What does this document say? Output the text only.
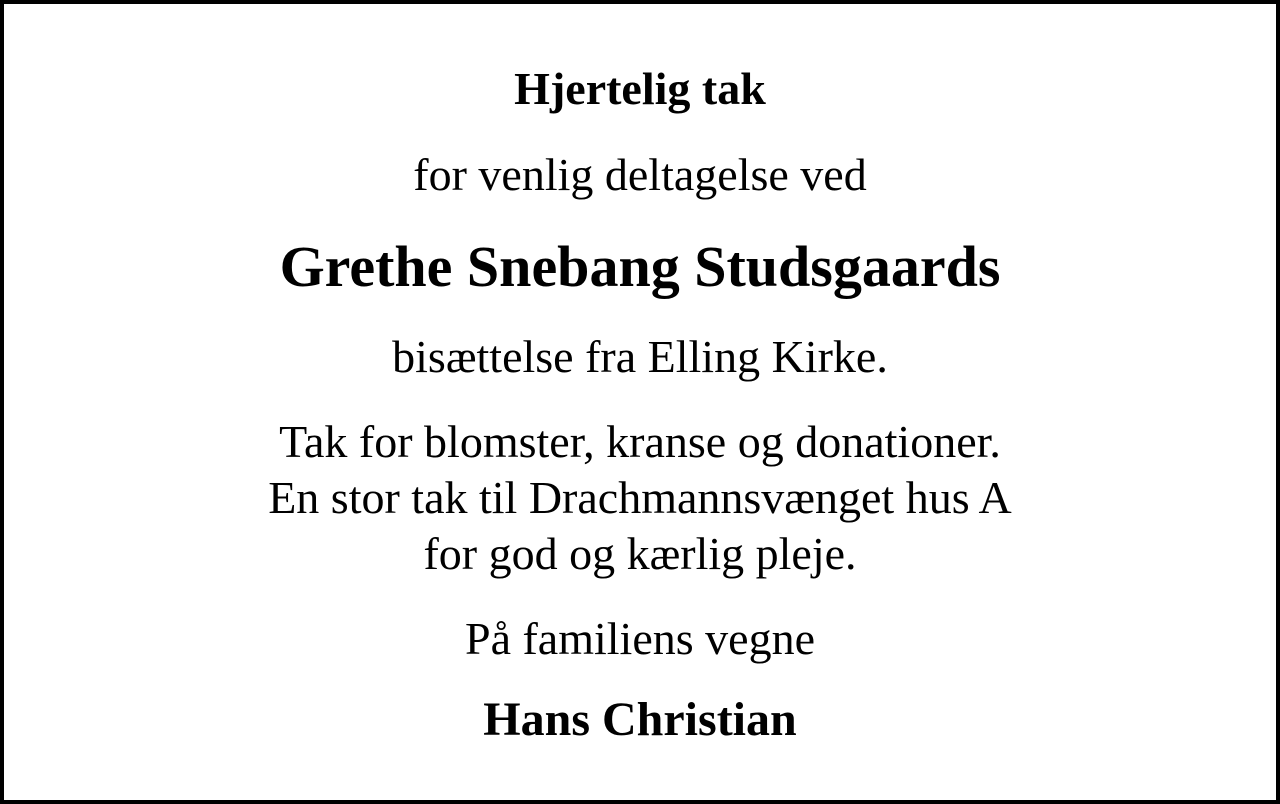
Hjertelig tak
for venlig deltagelse ved
Grethe Snebang Studsgaards
bisættelse fra Elling Kirke.
Tak for blomster, kranse og donationer.
En stor tak til Drachmannsvænget hus A
for god og kærlig pleje.
På familiens vegne
Hans Christian
